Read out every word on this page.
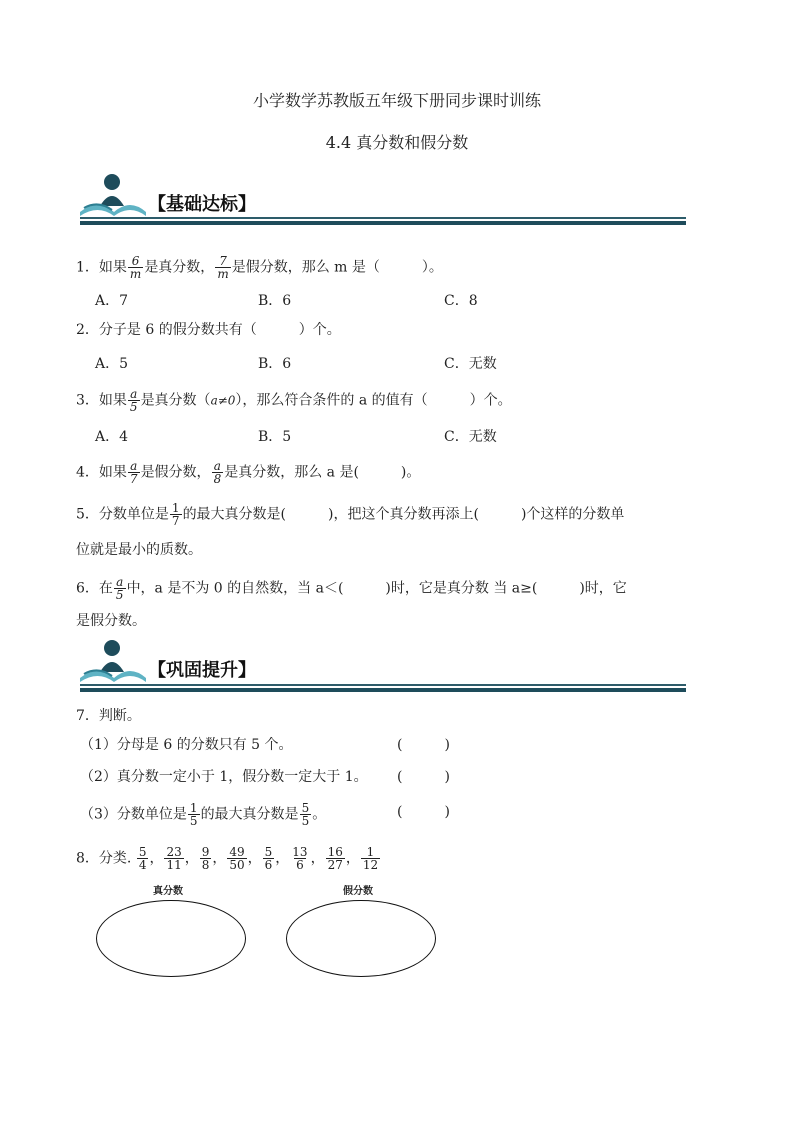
小学数学苏教版五年级下册同步课时训练
4.4 真分数和假分数
【基础达标】
1．如果 $\frac{6}{m}$ 是真分数， $\frac{7}{m}$ 是假分数，那么 m 是（　　　）。
A．7	B．6	C．8
2．分子是 6 的假分数共有（　　　）个。
A．5	B．6	C．无数
3．如果 $\frac{a}{5}$ 是真分数（a≠0），那么符合条件的 a 的值有（　　　）个。
A．4	B．5	C．无数
4．如果 $\frac{a}{7}$ 是假分数， $\frac{a}{8}$ 是真分数，那么 a 是(　　　)。
5．分数单位是 $\frac{1}{7}$ 的最大真分数是(　　　)，把这个真分数再添上(　　　)个这样的分数单
位就是最小的质数。
6．在 $\frac{a}{5}$ 中，a 是不为 0 的自然数，当 a＜(　　　)时，它是真分数 当 a≥(　　　)时，它
是假分数。
【巩固提升】
7．判断。
（1）分母是 6 的分数只有 5 个。	(　　　)
（2）真分数一定小于 1，假分数一定大于 1。 (　　　)
（3）分数单位是 $\frac{1}{5}$ 的最大真分数是 $\frac{5}{5}$ 。	(　　　)
8．分类. $\frac{5}{4}$ ， $\frac{23}{11}$ ， $\frac{9}{8}$ ， $\frac{49}{50}$ ， $\frac{5}{6}$ ， $\frac{13}{6}$ ， $\frac{16}{27}$ ， $\frac{1}{12}$
真分数	假分数
